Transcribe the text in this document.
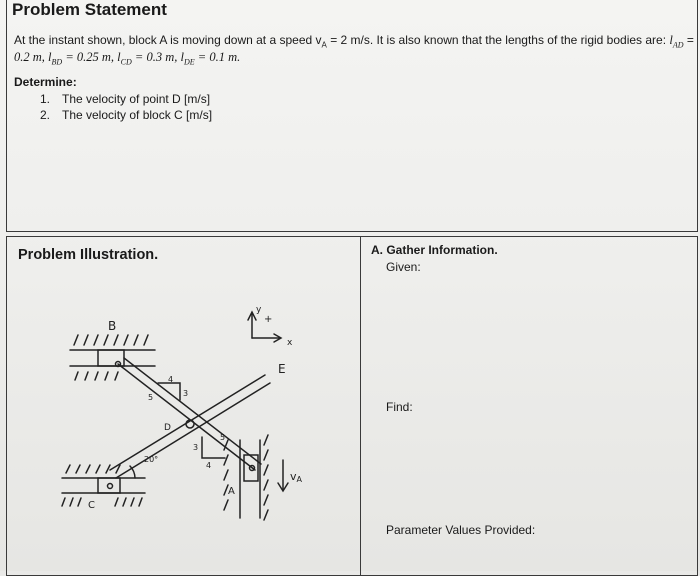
Problem Statement
At the instant shown, block A is moving down at a speed $v_A = 2$ m/s. It is also known that the lengths of the rigid bodies are: $l_{AD}$ =
0.2 m, $l_{BD} = 0.25$ m, $l_{CD} = 0.3$ m, $l_{DE} = 0.1$ m.
Determine:
1. The velocity of point D [m/s]
2. The velocity of block C [m/s]
Problem Illustration.	A. Gather Information.
Given:
Find:
Parameter Values Provided:
B
E
D
C
A
20°
4
3
5
5
3
4
x
y
+
vA
